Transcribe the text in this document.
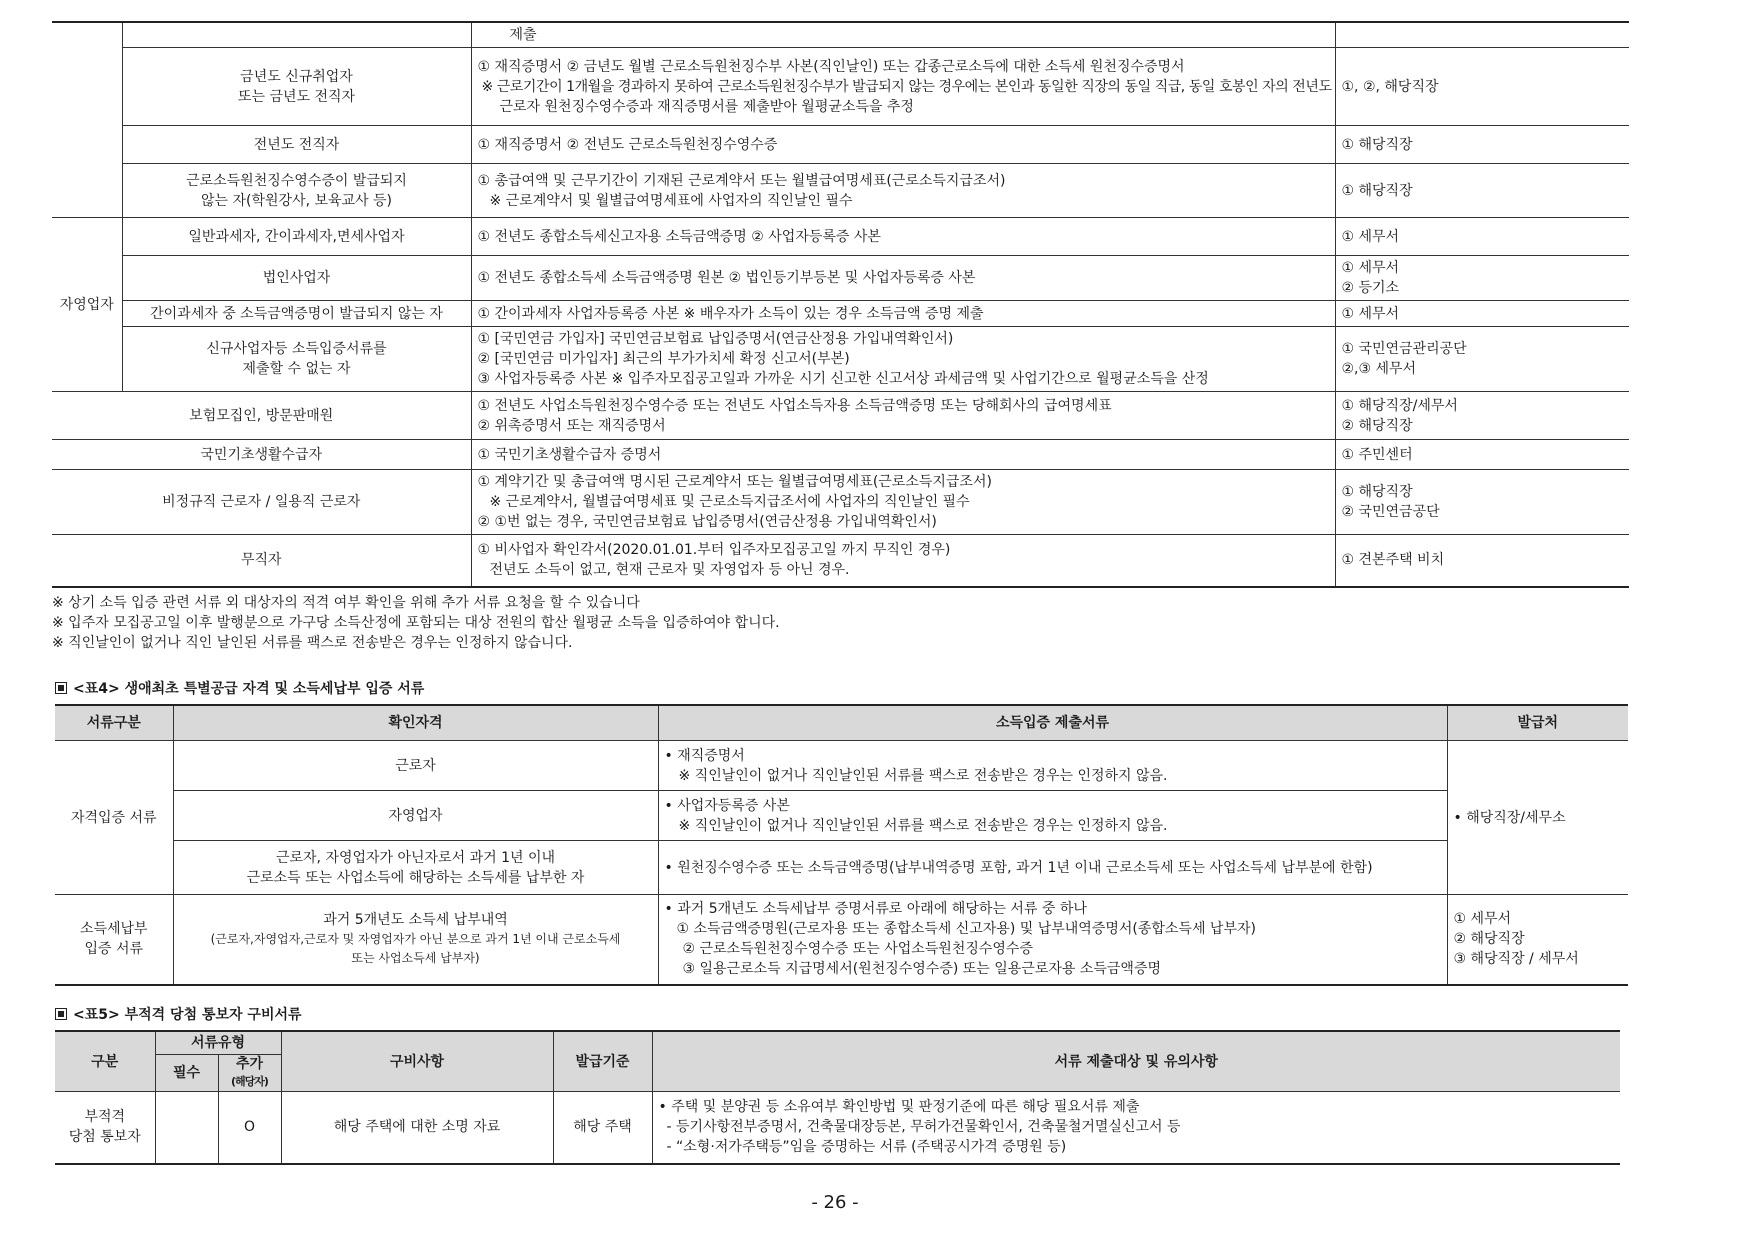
		제출	

	금년도 신규취업자
또는 금년도 전직자	① 재직증명서 ② 금년도 월별 근로소득원천징수부 사본(직인날인) 또는 갑종근로소득에 대한 소득세 원천징수증명서
※ 근로기간이 1개월을 경과하지 못하여 근로소득원천징수부가 발급되지 않는 경우에는 본인과 동일한 직장의 동일 직급, 동일 호봉인 자의 전년도
근로자 원천징수영수증과 재직증명서를 제출받아 월평균소득을 추정	①, ②, 해당직장

	전년도 전직자	① 재직증명서 ② 전년도 근로소득원천징수영수증	① 해당직장

	근로소득원천징수영수증이 발급되지
않는 자(학원강사, 보육교사 등)	① 총급여액 및 근무기간이 기재된 근로계약서 또는 월별급여명세표(근로소득지급조서)
※ 근로계약서 및 월별급여명세표에 사업자의 직인날인 필수	① 해당직장

자영업자	일반과세자, 간이과세자,면세사업자	① 전년도 종합소득세신고자용 소득금액증명 ② 사업자등록증 사본	① 세무서

	법인사업자	① 전년도 종합소득세 소득금액증명 원본 ② 법인등기부등본 및 사업자등록증 사본	① 세무서
② 등기소

	간이과세자 중 소득금액증명이 발급되지 않는 자	① 간이과세자 사업자등록증 사본 ※ 배우자가 소득이 있는 경우 소득금액 증명 제출	① 세무서

	신규사업자등 소득입증서류를
제출할 수 없는 자	① [국민연금 가입자] 국민연금보험료 납입증명서(연금산정용 가입내역확인서)
② [국민연금 미가입자] 최근의 부가가치세 확정 신고서(부본)
③ 사업자등록증 사본 ※ 입주자모집공고일과 가까운 시기 신고한 신고서상 과세금액 및 사업기간으로 월평균소득을 산정	① 국민연금관리공단
②,③ 세무서

보험모집인, 방문판매원		① 전년도 사업소득원천징수영수증 또는 전년도 사업소득자용 소득금액증명 또는 당해회사의 급여명세표
② 위촉증명서 또는 재직증명서	① 해당직장/세무서
② 해당직장

국민기초생활수급자		① 국민기초생활수급자 증명서	① 주민센터

비정규직 근로자 / 일용직 근로자		① 계약기간 및 총급여액 명시된 근로계약서 또는 월별급여명세표(근로소득지급조서)
※ 근로계약서, 월별급여명세표 및 근로소득지급조서에 사업자의 직인날인 필수
② ①번 없는 경우, 국민연금보험료 납입증명서(연금산정용 가입내역확인서)	① 해당직장
② 국민연금공단

무직자		① 비사업자 확인각서(2020.01.01.부터 입주자모집공고일 까지 무직인 경우)
전년도 소득이 없고, 현재 근로자 및 자영업자 등 아닌 경우.	① 견본주택 비치
※ 상기 소득 입증 관련 서류 외 대상자의 적격 여부 확인을 위해 추가 서류 요청을 할 수 있습니다
※ 입주자 모집공고일 이후 발행분으로 가구당 소득산정에 포함되는 대상 전원의 합산 월평균 소득을 입증하여야 합니다.
※ 직인날인이 없거나 직인 날인된 서류를 팩스로 전송받은 경우는 인정하지 않습니다.
<표4> 생애최초 특별공급 자격 및 소득세납부 입증 서류
서류구분	확인자격	소득입증 제출서류	발급처
자격입증 서류	근로자	• 재직증명서
※ 직인날인이 없거나 직인날인된 서류를 팩스로 전송받은 경우는 인정하지 않음.	• 해당직장/세무소
	자영업자	• 사업자등록증 사본
※ 직인날인이 없거나 직인날인된 서류를 팩스로 전송받은 경우는 인정하지 않음.	

	근로자, 자영업자가 아닌자로서 과거 1년 이내
근로소득 또는 사업소득에 해당하는 소득세를 납부한 자	• 원천징수영수증 또는 소득금액증명(납부내역증명 포함, 과거 1년 이내 근로소득세 또는 사업소득세 납부분에 한함)	

소득세납부
입증 서류	과거 5개년도 소득세 납부내역
(근로자,자영업자,근로자 및 자영업자가 아닌 분으로 과거 1년 이내 근로소득세
또는 사업소득세 납부자)	• 과거 5개년도 소득세납부 증명서류로 아래에 해당하는 서류 중 하나
① 소득금액증명원(근로자용 또는 종합소득세 신고자용) 및 납부내역증명서(종합소득세 납부자)
② 근로소득원천징수영수증 또는 사업소득원천징수영수증
③ 일용근로소득 지급명세서(원천징수영수증) 또는 일용근로자용 소득금액증명	① 세무서
② 해당직장
③ 해당직장 / 세무서
<표5> 부적격 당첨 통보자 구비서류
구분	서류유형		구비사항	발급기준	서류 제출대상 및 유의사항
	필수	추가
(해당자)			

부적격
당첨 통보자		O	해당 주택에 대한 소명 자료	해당 주택	• 주택 및 분양권 등 소유여부 확인방법 및 판정기준에 따른 해당 필요서류 제출
- 등기사항전부증명서, 건축물대장등본, 무허가건물확인서, 건축물철거멸실신고서 등
- “소형·저가주택등”임을 증명하는 서류 (주택공시가격 증명원 등)
- 26 -
